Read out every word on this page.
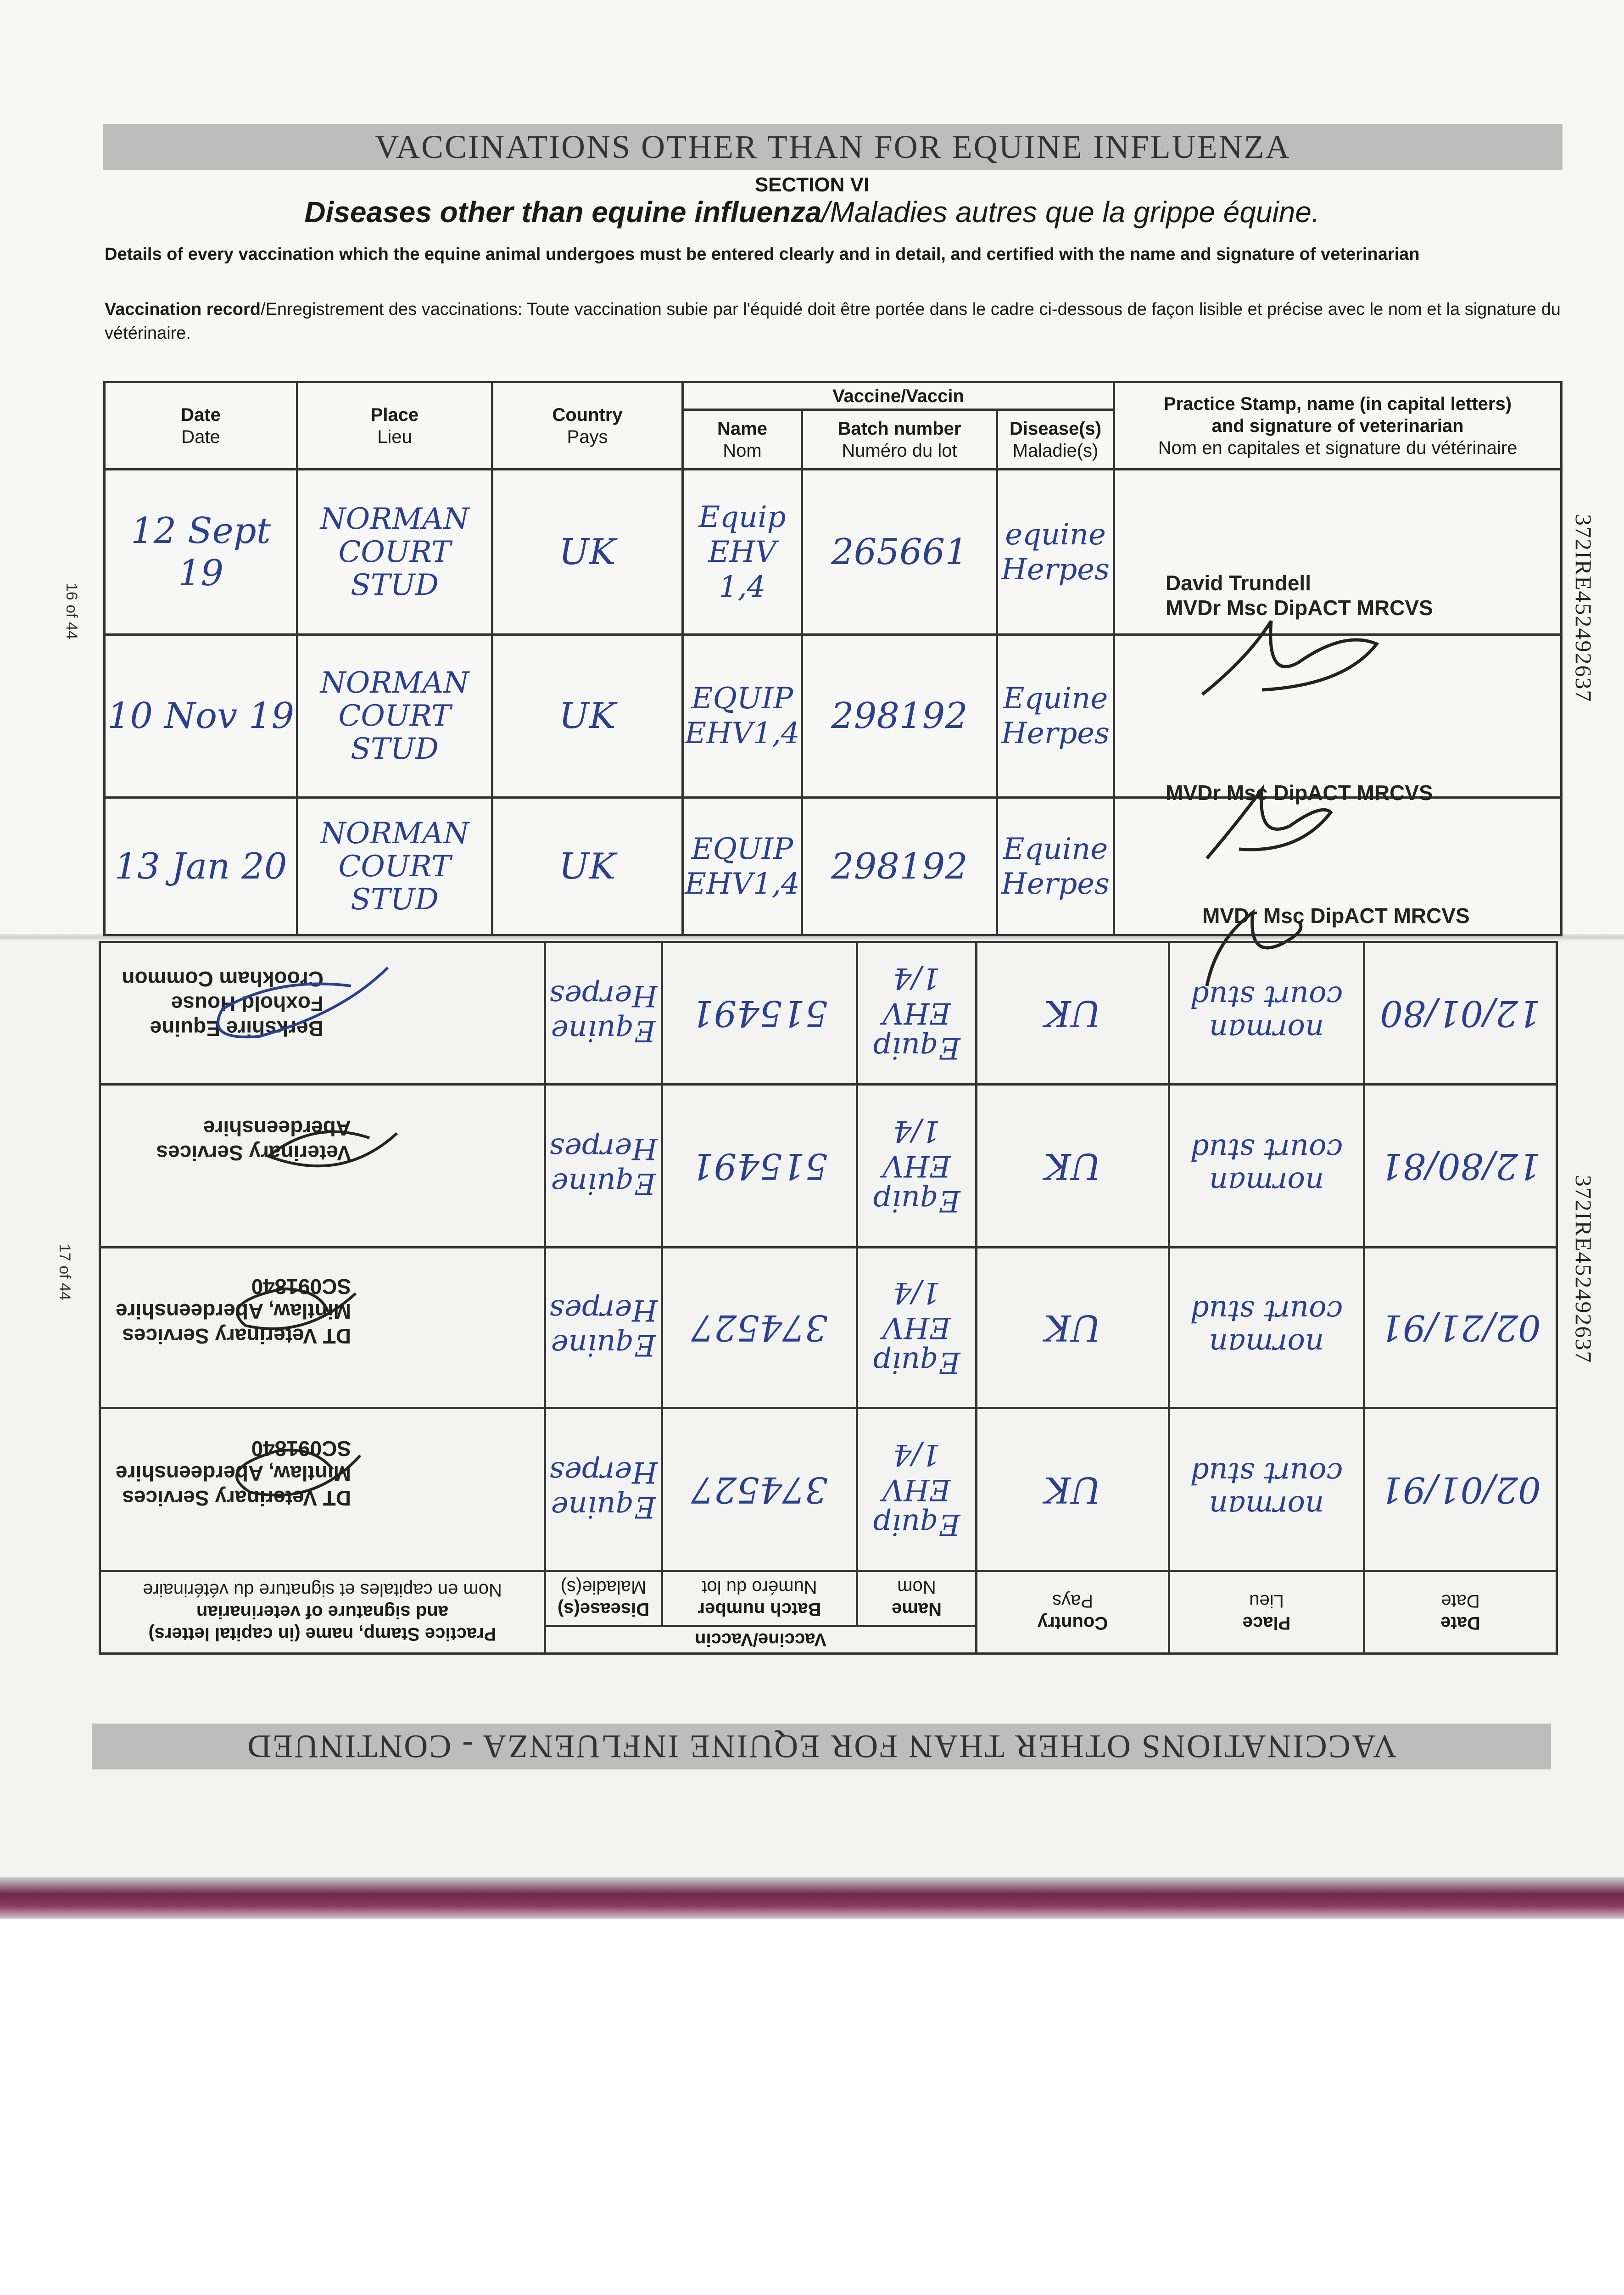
VACCINATIONS OTHER THAN FOR EQUINE INFLUENZA
SECTION VI
Diseases other than equine influenza/Maladies autres que la grippe équine.
Details of every vaccination which the equine animal undergoes must be entered clearly and in detail, and certified with the name and signature of veterinarian
Vaccination record/Enregistrement des vaccinations: Toute vaccination subie par l'équidé doit être portée dans le cadre ci-dessous de façon lisible et précise avec le nom et la signature du vétérinaire.
Date
Date	Place
Lieu	Country
Pays	Vaccine/Vaccin			Practice Stamp, name (in capital letters)
and signature of veterinarian
Nom en capitales et signature du vétérinaire

			Name
Nom	Batch number
Numéro du lot	Disease(s)
Maladie(s)	

12 Sept 19	NORMAN COURT STUD	UK	Equip EHV 1,4	265661	equine Herpes	David Trundell
MVDr Msc DipACT MRCVS

10 Nov 19	NORMAN COURT STUD	UK	EQUIP EHV1,4	298192	Equine Herpes	MVDr Msc DipACT MRCVS

13 Jan 20	NORMAN COURT STUD	UK	EQUIP EHV1,4	298192	Equine Herpes	MVDr Msc DipACT MRCVS
Date
Date	Place
Lieu	Country
Pays	Vaccine/Vaccin			Practice Stamp, name (in capital letters)
and signature of veterinarian
Nom en capitales et signature du vétérinaire

			Name
Nom	Batch number
Numéro du lot	Disease(s)
Maladie(s)	

02/01/91	norman court stud	UK	Equip EHV 1/4	374527	Equine Herpes	DT Veterinary Services
Mintlaw, Aberdeenshire
SC091840

02/21/91	norman court stud	UK	Equip EHV 1/4	374527	Equine Herpes	DT Veterinary Services
Mintlaw, Aberdeenshire
SC091840

12/80/81	norman court stud	UK	Equip EHV 1/4	515491	Equine Herpes	Veterinary Services
Aberdeenshire

12/01/80	norman court stud	UK	Equip EHV 1/4	515491	Equine Herpes	Berkshire Equine
Foxhold House
Crookham Common
VACCINATIONS OTHER THAN FOR EQUINE INFLUENZA - CONTINUED
372IRE452492637
372IRE452492637
16 of 44
17 of 44
